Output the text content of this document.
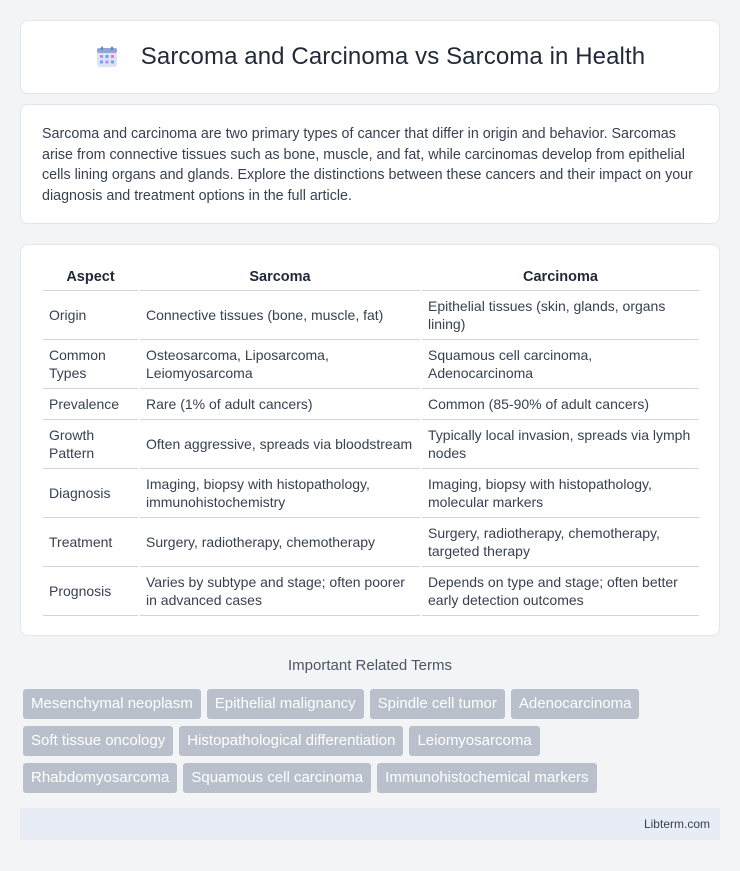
Sarcoma and Carcinoma vs Sarcoma in Health

Sarcoma and carcinoma are two primary types of cancer that differ in origin and behavior. Sarcomas arise from connective tissues such as bone, muscle, and fat, while carcinomas develop from epithelial cells lining organs and glands. Explore the distinctions between these cancers and their impact on your diagnosis and treatment options in the full article.

Aspect	Sarcoma	Carcinoma
Origin	Connective tissues (bone, muscle, fat)	Epithelial tissues (skin, glands, organs lining)
Common Types	Osteosarcoma, Liposarcoma, Leiomyosarcoma	Squamous cell carcinoma, Adenocarcinoma
Prevalence	Rare (1% of adult cancers)	Common (85-90% of adult cancers)
Growth Pattern	Often aggressive, spreads via bloodstream	Typically local invasion, spreads via lymph nodes
Diagnosis	Imaging, biopsy with histopathology, immunohistochemistry	Imaging, biopsy with histopathology, molecular markers
Treatment	Surgery, radiotherapy, chemotherapy	Surgery, radiotherapy, chemotherapy, targeted therapy
Prognosis	Varies by subtype and stage; often poorer in advanced cases	Depends on type and stage; often better early detection outcomes
Important Related Terms
Mesenchymal neoplasm	Epithelial malignancy	Spindle cell tumor	Adenocarcinoma
Soft tissue oncology	Histopathological differentiation	Leiomyosarcoma
Rhabdomyosarcoma	Squamous cell carcinoma	Immunohistochemical markers
Libterm.com
